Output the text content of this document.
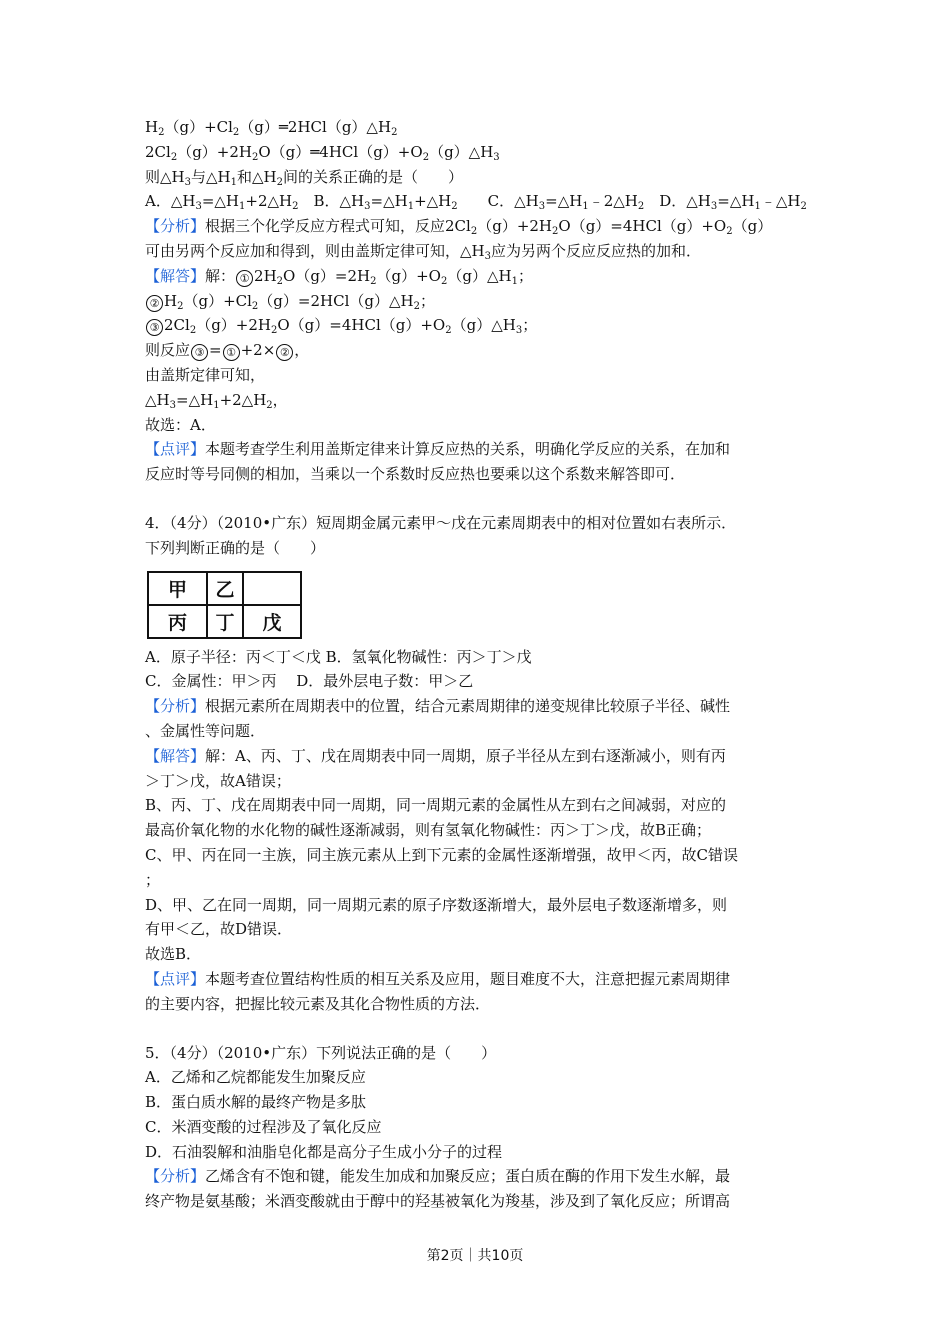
$H_2(g)+Cl_2(g)═2HCl(g)\triangle H_2$
$2Cl_2(g)+2H_2O(g)═4HCl(g)+O_2(g)\triangle H_3$
则$\triangle H_3$与$\triangle H_1$和$\triangle H_2$间的关系正确的是（　　）
A．$\triangle H_3=\triangle H_1+2\triangle H_2$　B．$\triangle H_3=\triangle H_1+\triangle H_2$　　C．$\triangle H_3=\triangle H_1﹣2\triangle H_2$　D．$\triangle H_3=\triangle H_1﹣\triangle H_2$
【分析】根据三个化学反应方程式可知，反应$2Cl_2(g)+2H_2O(g)=4HCl(g)+O_2(g)$
可由另两个反应加和得到，则由盖斯定律可知，$\triangle H_3$应为另两个反应反应热的加和．
【解答】解： ① $2H_2O(g)=2H_2(g)+O_2(g)\triangle H_1$；
② $H_2(g)+Cl_2(g)=2HCl(g)\triangle H_2$；
③ $2Cl_2(g)+2H_2O(g)=4HCl(g)+O_2(g)\triangle H_3$；
则反应 ③ = ① +2× ② ，
由盖斯定律可知，
$\triangle H_3=\triangle H_1+2\triangle H_2$，
故选：A．
【点评】本题考查学生利用盖斯定律来计算反应热的关系，明确化学反应的关系，在加和
反应时等号同侧的相加，当乘以一个系数时反应热也要乘以这个系数来解答即可．
4．（4分）（2010•广东）短周期金属元素甲～戊在元素周期表中的相对位置如右表所示．
下列判断正确的是（　　）
甲	乙	
丙	丁	戊
A．原子半径：丙＜丁＜戊 B．氢氧化物碱性：丙＞丁＞戊
C．金属性：甲＞丙　 D．最外层电子数：甲＞乙
【分析】根据元素所在周期表中的位置，结合元素周期律的递变规律比较原子半径、碱性
、金属性等问题．
【解答】解：A、丙、丁、戊在周期表中同一周期，原子半径从左到右逐渐减小，则有丙
＞丁＞戊，故A错误；
B、丙、丁、戊在周期表中同一周期，同一周期元素的金属性从左到右之间减弱，对应的
最高价氧化物的水化物的碱性逐渐减弱，则有氢氧化物碱性：丙＞丁＞戊，故B正确；
C、甲、丙在同一主族，同主族元素从上到下元素的金属性逐渐增强，故甲＜丙，故C错误
；
D、甲、乙在同一周期，同一周期元素的原子序数逐渐增大，最外层电子数逐渐增多，则
有甲＜乙，故D错误．
故选B．
【点评】本题考查位置结构性质的相互关系及应用，题目难度不大，注意把握元素周期律
的主要内容，把握比较元素及其化合物性质的方法．
5．（4分）（2010•广东）下列说法正确的是（　　）
A．乙烯和乙烷都能发生加聚反应
B．蛋白质水解的最终产物是多肽
C．米酒变酸的过程涉及了氧化反应
D．石油裂解和油脂皂化都是高分子生成小分子的过程
【分析】乙烯含有不饱和键，能发生加成和加聚反应；蛋白质在酶的作用下发生水解，最
终产物是氨基酸；米酒变酸就由于醇中的羟基被氧化为羧基，涉及到了氧化反应；所谓高
第2页｜共10页
